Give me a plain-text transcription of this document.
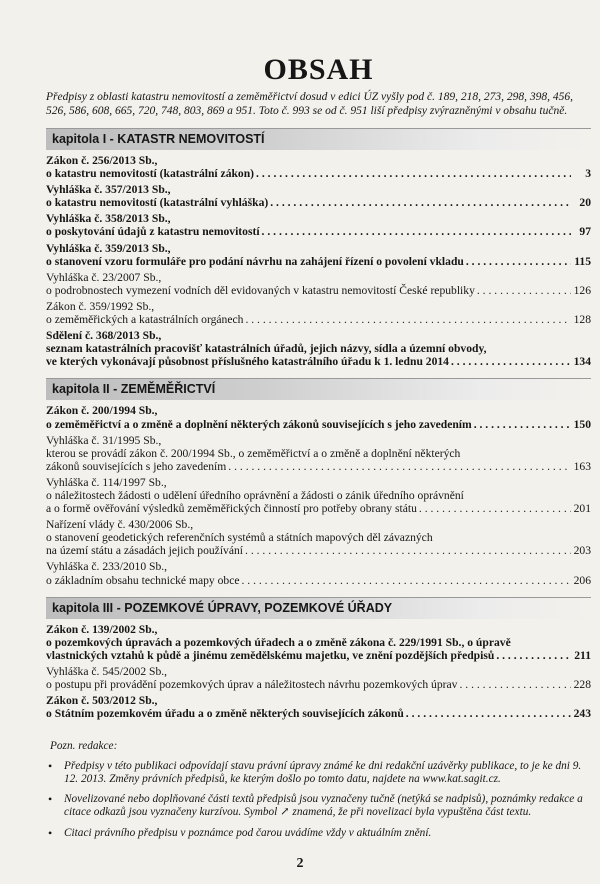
OBSAH
Předpisy z oblasti katastru nemovitostí a zeměměřictví dosud v edici ÚZ vyšly pod č. 189, 218, 273, 298, 398, 456, 526, 586, 608, 665, 720, 748, 803, 869 a 951. Toto č. 993 se od č. 951 liší předpisy zvýrazněnými v obsahu tučně.
kapitola I - KATASTR NEMOVITOSTÍ
Zákon č. 256/2013 Sb.,
o katastru nemovitostí (katastrální zákon) . . .	3
Vyhláška č. 357/2013 Sb.,
o katastru nemovitostí (katastrální vyhláška) . . .	20
Vyhláška č. 358/2013 Sb.,
o poskytování údajů z katastru nemovitostí . . .	97
Vyhláška č. 359/2013 Sb.,
o stanovení vzoru formuláře pro podání návrhu na zahájení řízení o povolení vkladu . . .	115
Vyhláška č. 23/2007 Sb.,
o podrobnostech vymezení vodních děl evidovaných v katastru nemovitostí České republiky . . .	126
Zákon č. 359/1992 Sb.,
o zeměměřických a katastrálních orgánech . . .	128
Sdělení č. 368/2013 Sb.,
seznam katastrálních pracovišť katastrálních úřadů, jejich názvy, sídla a územní obvody,
ve kterých vykonávají působnost příslušného katastrálního úřadu k 1. lednu 2014 . . .	134
kapitola II - ZEMĚMĚŘICTVÍ
Zákon č. 200/1994 Sb.,
o zeměměřictví a o změně a doplnění některých zákonů souvisejících s jeho zavedením . . .	150
Vyhláška č. 31/1995 Sb.,
kterou se provádí zákon č. 200/1994 Sb., o zeměměřictví a o změně a doplnění některých
zákonů souvisejících s jeho zavedením . . .	163
Vyhláška č. 114/1997 Sb.,
o náležitostech žádosti o udělení úředního oprávnění a žádosti o zánik úředního oprávnění
a o formě ověřování výsledků zeměměřických činností pro potřeby obrany státu . . .	201
Nařízení vlády č. 430/2006 Sb.,
o stanovení geodetických referenčních systémů a státních mapových děl závazných
na území státu a zásadách jejich používání . . .	203
Vyhláška č. 233/2010 Sb.,
o základním obsahu technické mapy obce . . .	206
kapitola III - POZEMKOVÉ ÚPRAVY, POZEMKOVÉ ÚŘADY
Zákon č. 139/2002 Sb.,
o pozemkových úpravách a pozemkových úřadech a o změně zákona č. 229/1991 Sb., o úpravě
vlastnických vztahů k půdě a jinému zemědělskému majetku, ve znění pozdějších předpisů . . .	211
Vyhláška č. 545/2002 Sb.,
o postupu při provádění pozemkových úprav a náležitostech návrhu pozemkových úprav . . .	228
Zákon č. 503/2012 Sb.,
o Státním pozemkovém úřadu a o změně některých souvisejících zákonů . . .	243
Pozn. redakce:
•	Předpisy v této publikaci odpovídají stavu právní úpravy známé ke dni redakční uzávěrky publikace, to je ke dni 9. 12. 2013. Změny právních předpisů, ke kterým došlo po tomto datu, najdete na www.kat.sagit.cz.
•	Novelizované nebo doplňované části textů předpisů jsou vyznačeny tučně (netýká se nadpisů), poznámky redakce a citace odkazů jsou vyznačeny kurzívou. Symbol ↗ znamená, že při novelizaci byla vypuštěna část textu.
•	Citaci právního předpisu v poznámce pod čarou uvádíme vždy v aktuálním znění.
2
